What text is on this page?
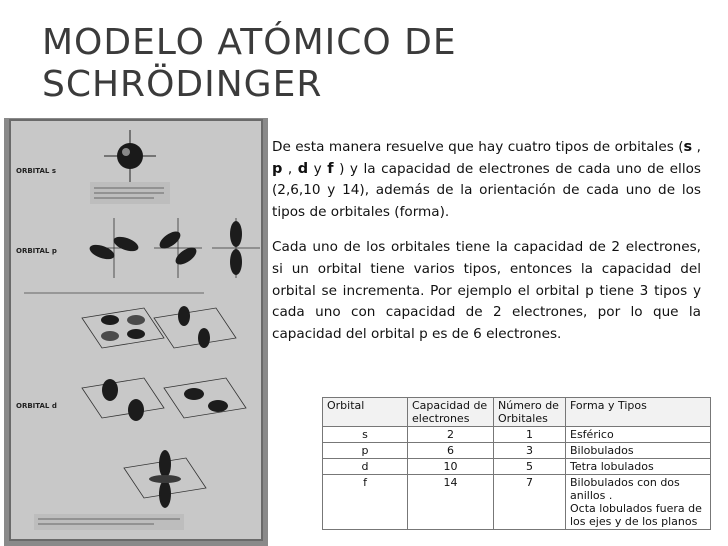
MODELO ATÓMICO DE
SCHRÖDINGER
ORBITAL s
ORBITAL p
ORBITAL d

De esta manera resuelve que hay cuatro tipos de orbitales (s , p , d y f ) y la capacidad de electrones de cada uno de ellos (2,6,10 y 14), además de la orientación de cada uno de los tipos de orbitales (forma).

Cada uno de los orbitales tiene la capacidad de 2 electrones, si un orbital tiene varios tipos, entonces la capacidad del orbital se incrementa. Por ejemplo el orbital p tiene 3 tipos y cada uno con capacidad de 2 electrones, por lo que la capacidad del orbital p es de 6 electrones.

Orbital	Capacidad de electrones	Número de Orbitales	Forma y Tipos
s	2	1	Esférico
p	6	3	Bilobulados
d	10	5	Tetra lobulados
f	14	7	Bilobulados con dos anillos .
Octa lobulados fuera de los ejes y de los planos
